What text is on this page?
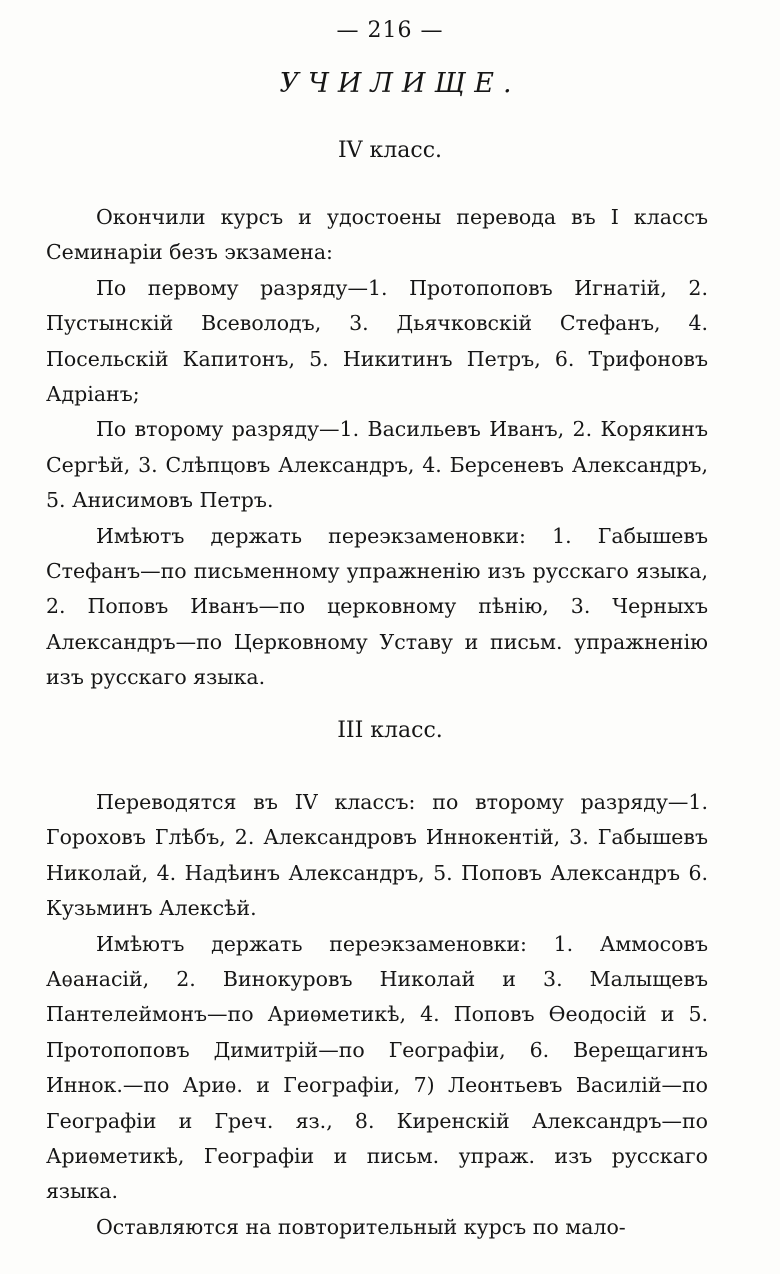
— 216 —
УЧИЛИЩЕ.
IV класс.

Окончили курсъ и удостоены перевода въ I классъ Семинаріи безъ экзамена:

По первому разряду—1. Протопоповъ Игнатій, 2. Пустынскій Всеволодъ, 3. Дьячковскій Стефанъ, 4. Посельскій Капитонъ, 5. Никитинъ Петръ, 6. Трифоновъ Адріанъ;

По второму разряду—1. Васильевъ Иванъ, 2. Корякинъ Сергѣй, 3. Слѣпцовъ Александръ, 4. Берсеневъ Александръ, 5. Анисимовъ Петръ.

Имѣютъ держать переэкзаменовки: 1. Габышевъ Стефанъ—по письменному упражненію изъ русскаго языка, 2. Поповъ Иванъ—по церковному пѣнію, 3. Черныхъ Александръ—по Церковному Уставу и письм. упражненію изъ русскаго языка.

III класс.

Переводятся въ IV классъ: по второму разряду—1. Гороховъ Глѣбъ, 2. Александровъ Иннокентій, 3. Габышевъ Николай, 4. Надѣинъ Александръ, 5. Поповъ Александръ 6. Кузьминъ Алексѣй.

Имѣютъ держать переэкзаменовки: 1. Аммосовъ Аѳанасій, 2. Винокуровъ Николай и 3. Малыщевъ Пантелеймонъ—по Ариѳметикѣ, 4. Поповъ Ѳеодосій и 5. Протопоповъ Димитрій—по Географіи, 6. Верещагинъ Иннок.—по Ариѳ. и Географіи, 7) Леонтьевъ Василій—по Географіи и Греч. яз., 8. Киренскій Александръ—по Ариѳметикѣ, Географіи и письм. упраж. изъ русскаго языка.

Оставляются на повторительный курсъ по мало-
